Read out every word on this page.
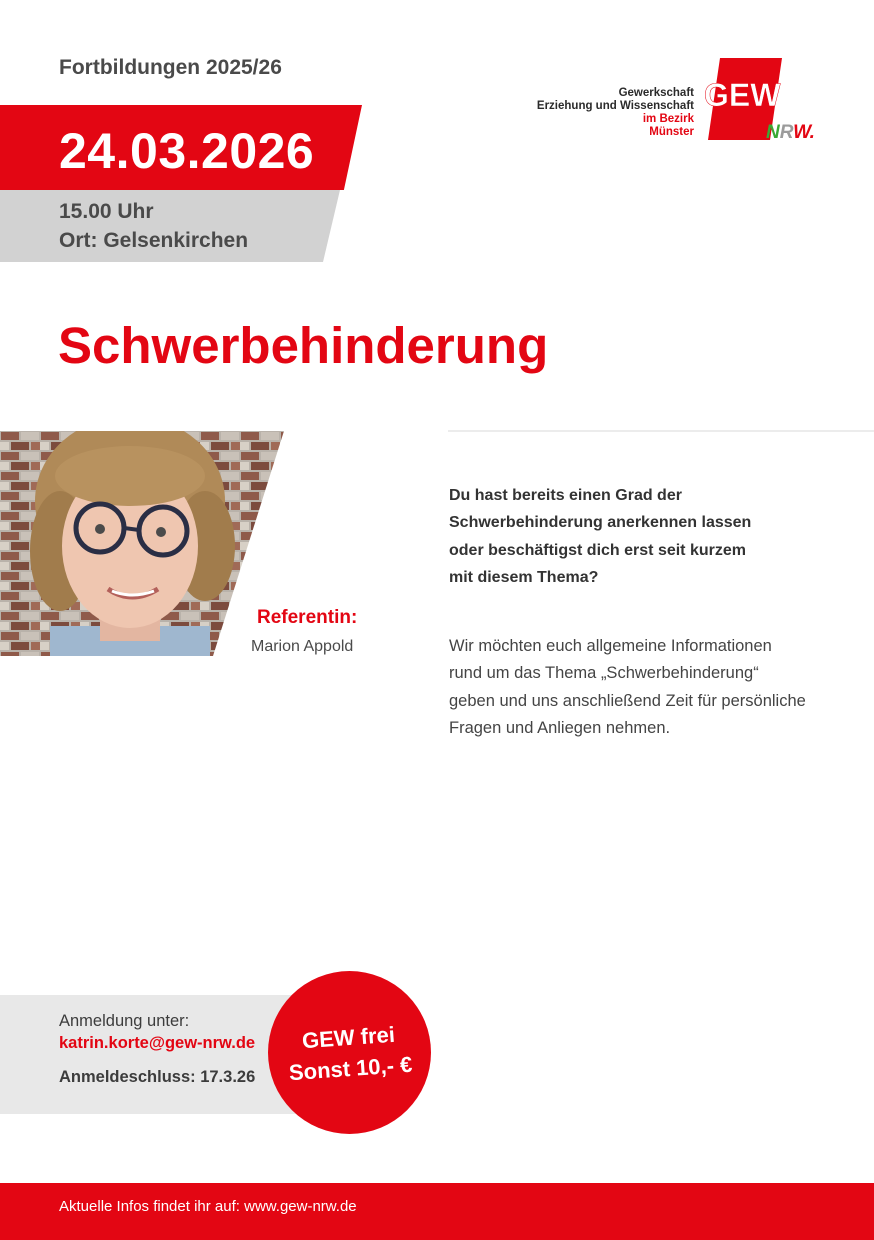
Fortbildungen 2025/26
Gewerkschaft
Erziehung und Wissenschaft
im Bezirk
Münster
GEW
NRW.
24.03.2026
15.00 Uhr
Ort: Gelsenkirchen
Schwerbehinderung
Referentin:
Marion Appold
Du hast bereits einen Grad der
Schwerbehinderung anerkennen lassen
oder beschäftigst dich erst seit kurzem
mit diesem Thema?
Wir möchten euch allgemeine Informationen
rund um das Thema „Schwerbehinderung“
geben und uns anschließend Zeit für persönliche
Fragen und Anliegen nehmen.
Anmeldung unter:
katrin.korte@gew-nrw.de
Anmeldeschluss: 17.3.26
GEW frei
Sonst 10,- €
Aktuelle Infos findet ihr auf: www.gew-nrw.de
